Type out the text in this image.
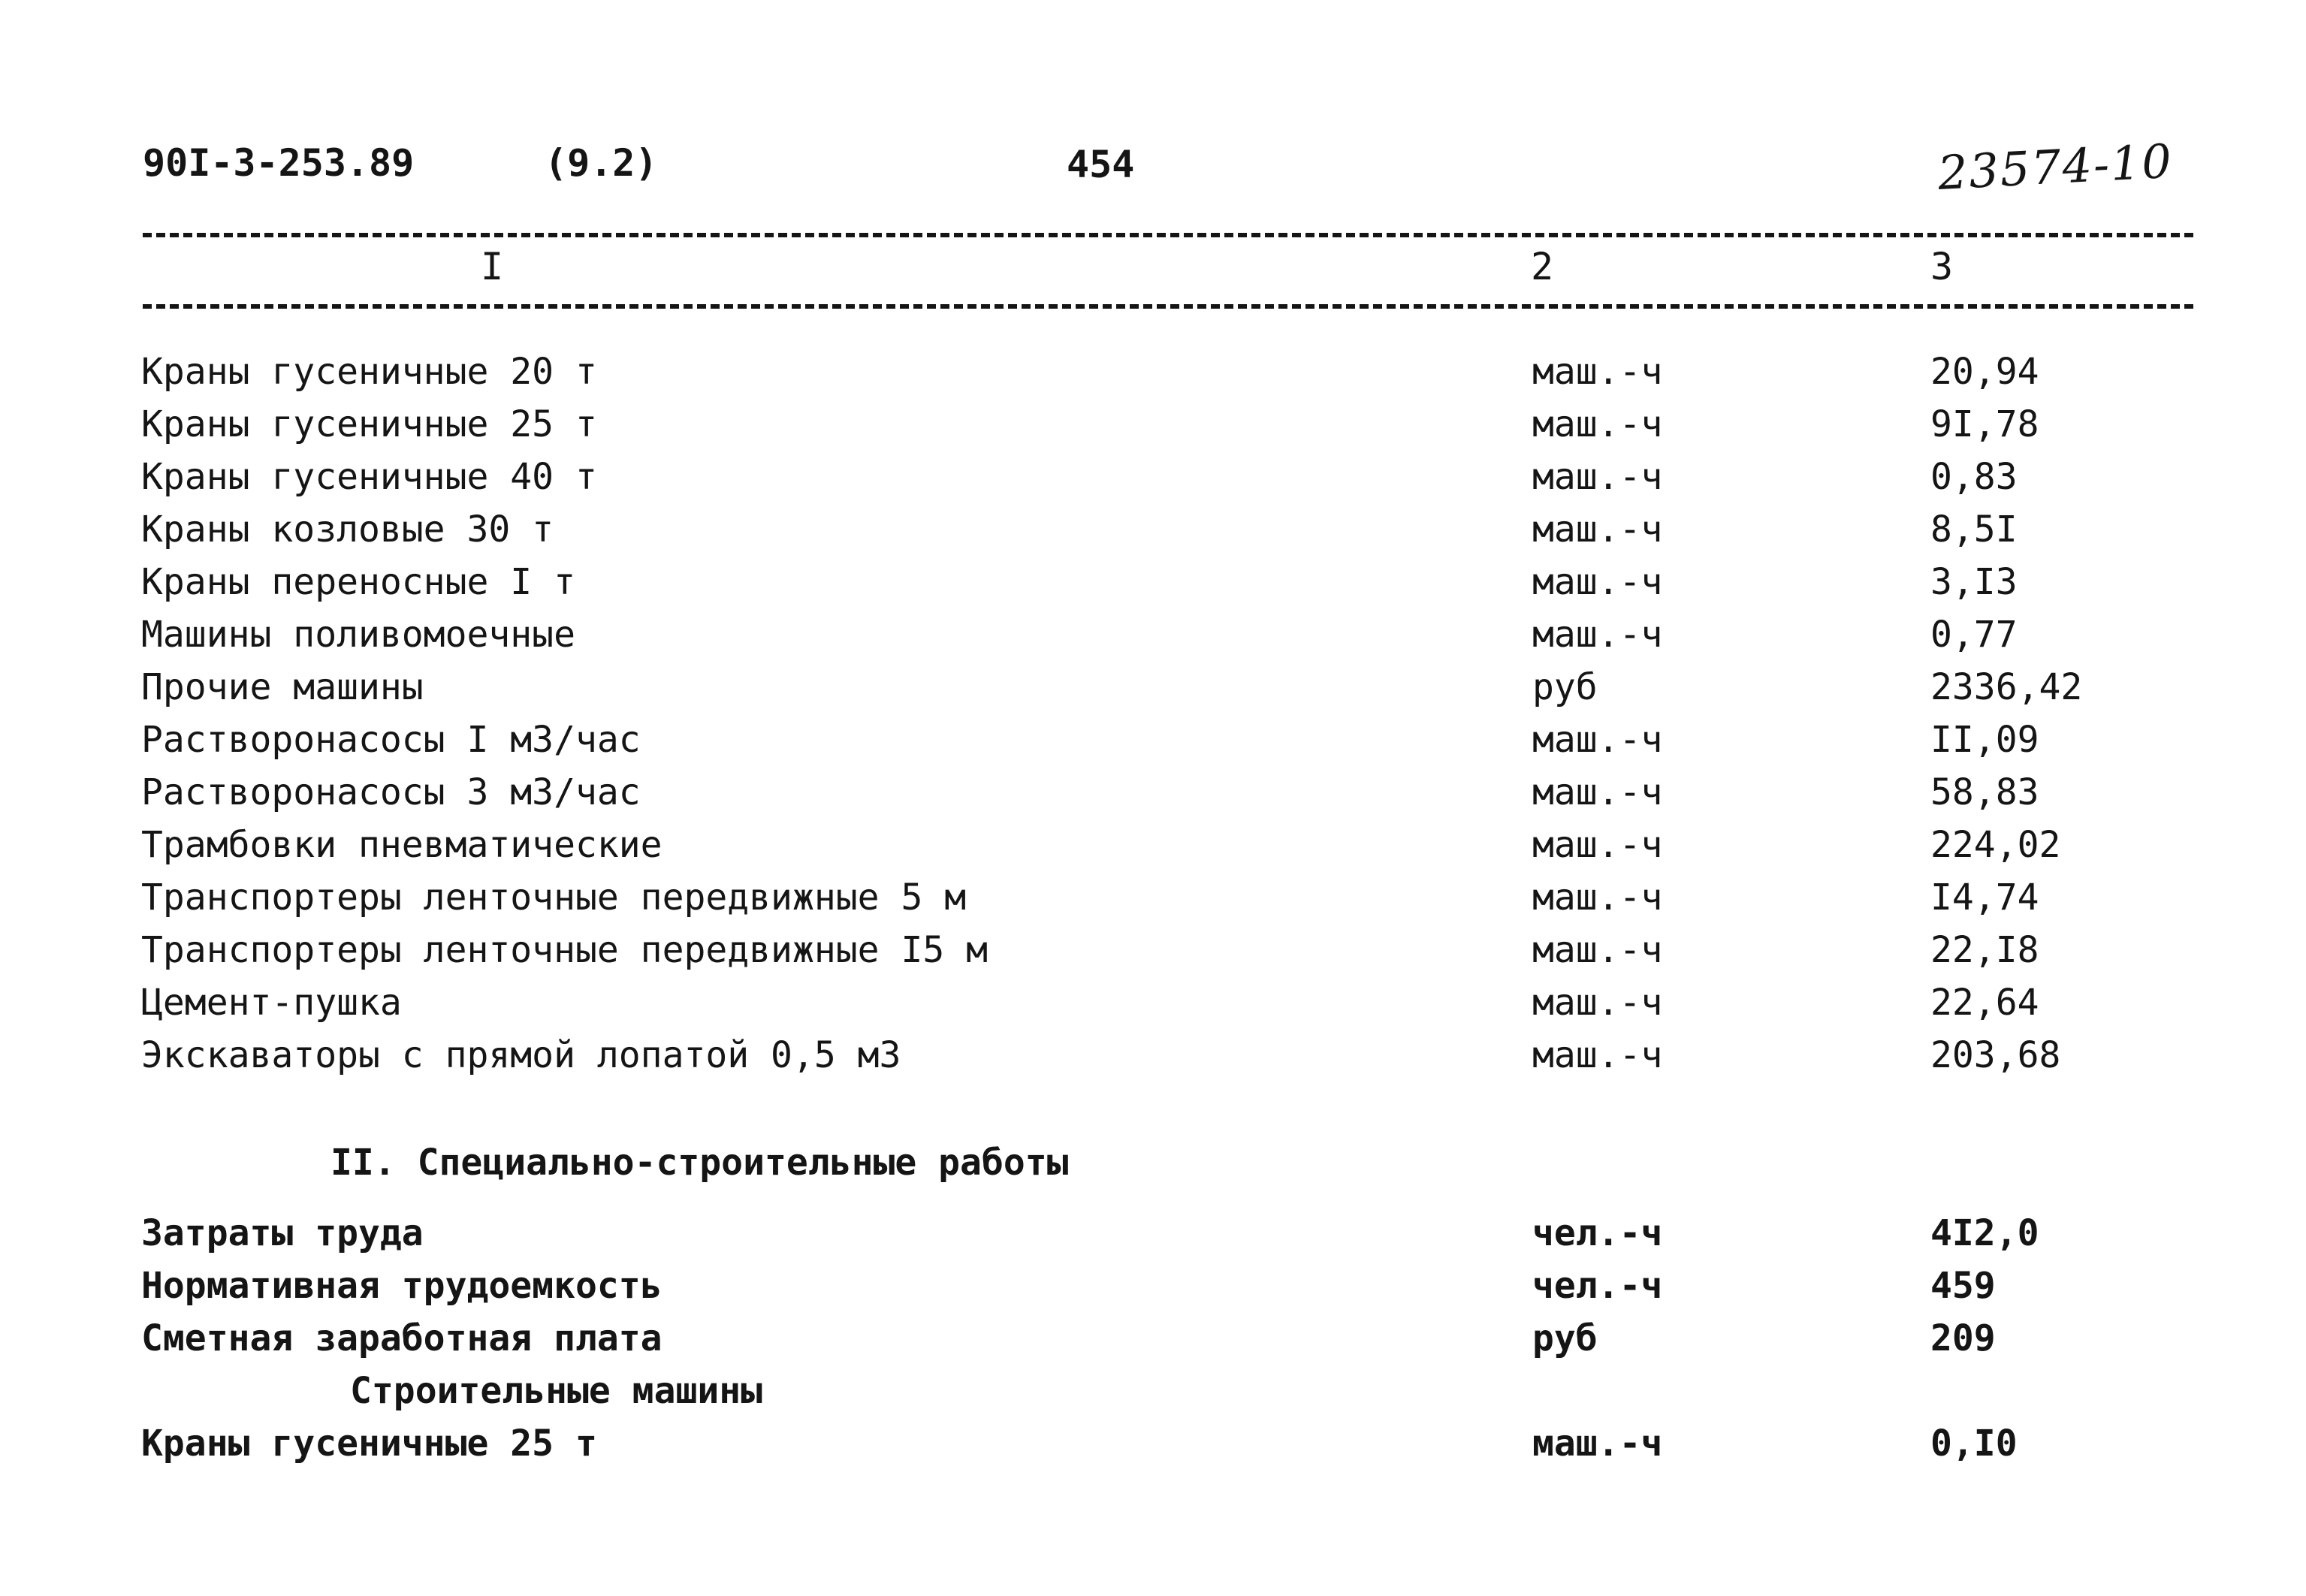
90I-3-253.89	(9.2)	454	23574-10
I	2	3
Краны гусеничные 20 т	маш.-ч	20,94
Краны гусеничные 25 т	маш.-ч	9I,78
Краны гусеничные 40 т	маш.-ч	0,83
Краны козловые 30 т	маш.-ч	8,5I
Краны переносные I т	маш.-ч	3,I3
Машины поливомоечные	маш.-ч	0,77
Прочие машины	руб	2336,42
Растворонасосы I м3/час	маш.-ч	II,09
Растворонасосы 3 м3/час	маш.-ч	58,83
Трамбовки пневматические	маш.-ч	224,02
Транспортеры ленточные передвижные 5 м	маш.-ч	I4,74
Транспортеры ленточные передвижные I5 м	маш.-ч	22,I8
Цемент-пушка	маш.-ч	22,64
Экскаваторы с прямой лопатой 0,5 м3	маш.-ч	203,68
II. Специально-строительные работы
Затраты труда	чел.-ч	4I2,0
Нормативная трудоемкость	чел.-ч	459
Сметная заработная плата	руб	209
Строительные машины
Краны гусеничные 25 т	маш.-ч	0,I0
